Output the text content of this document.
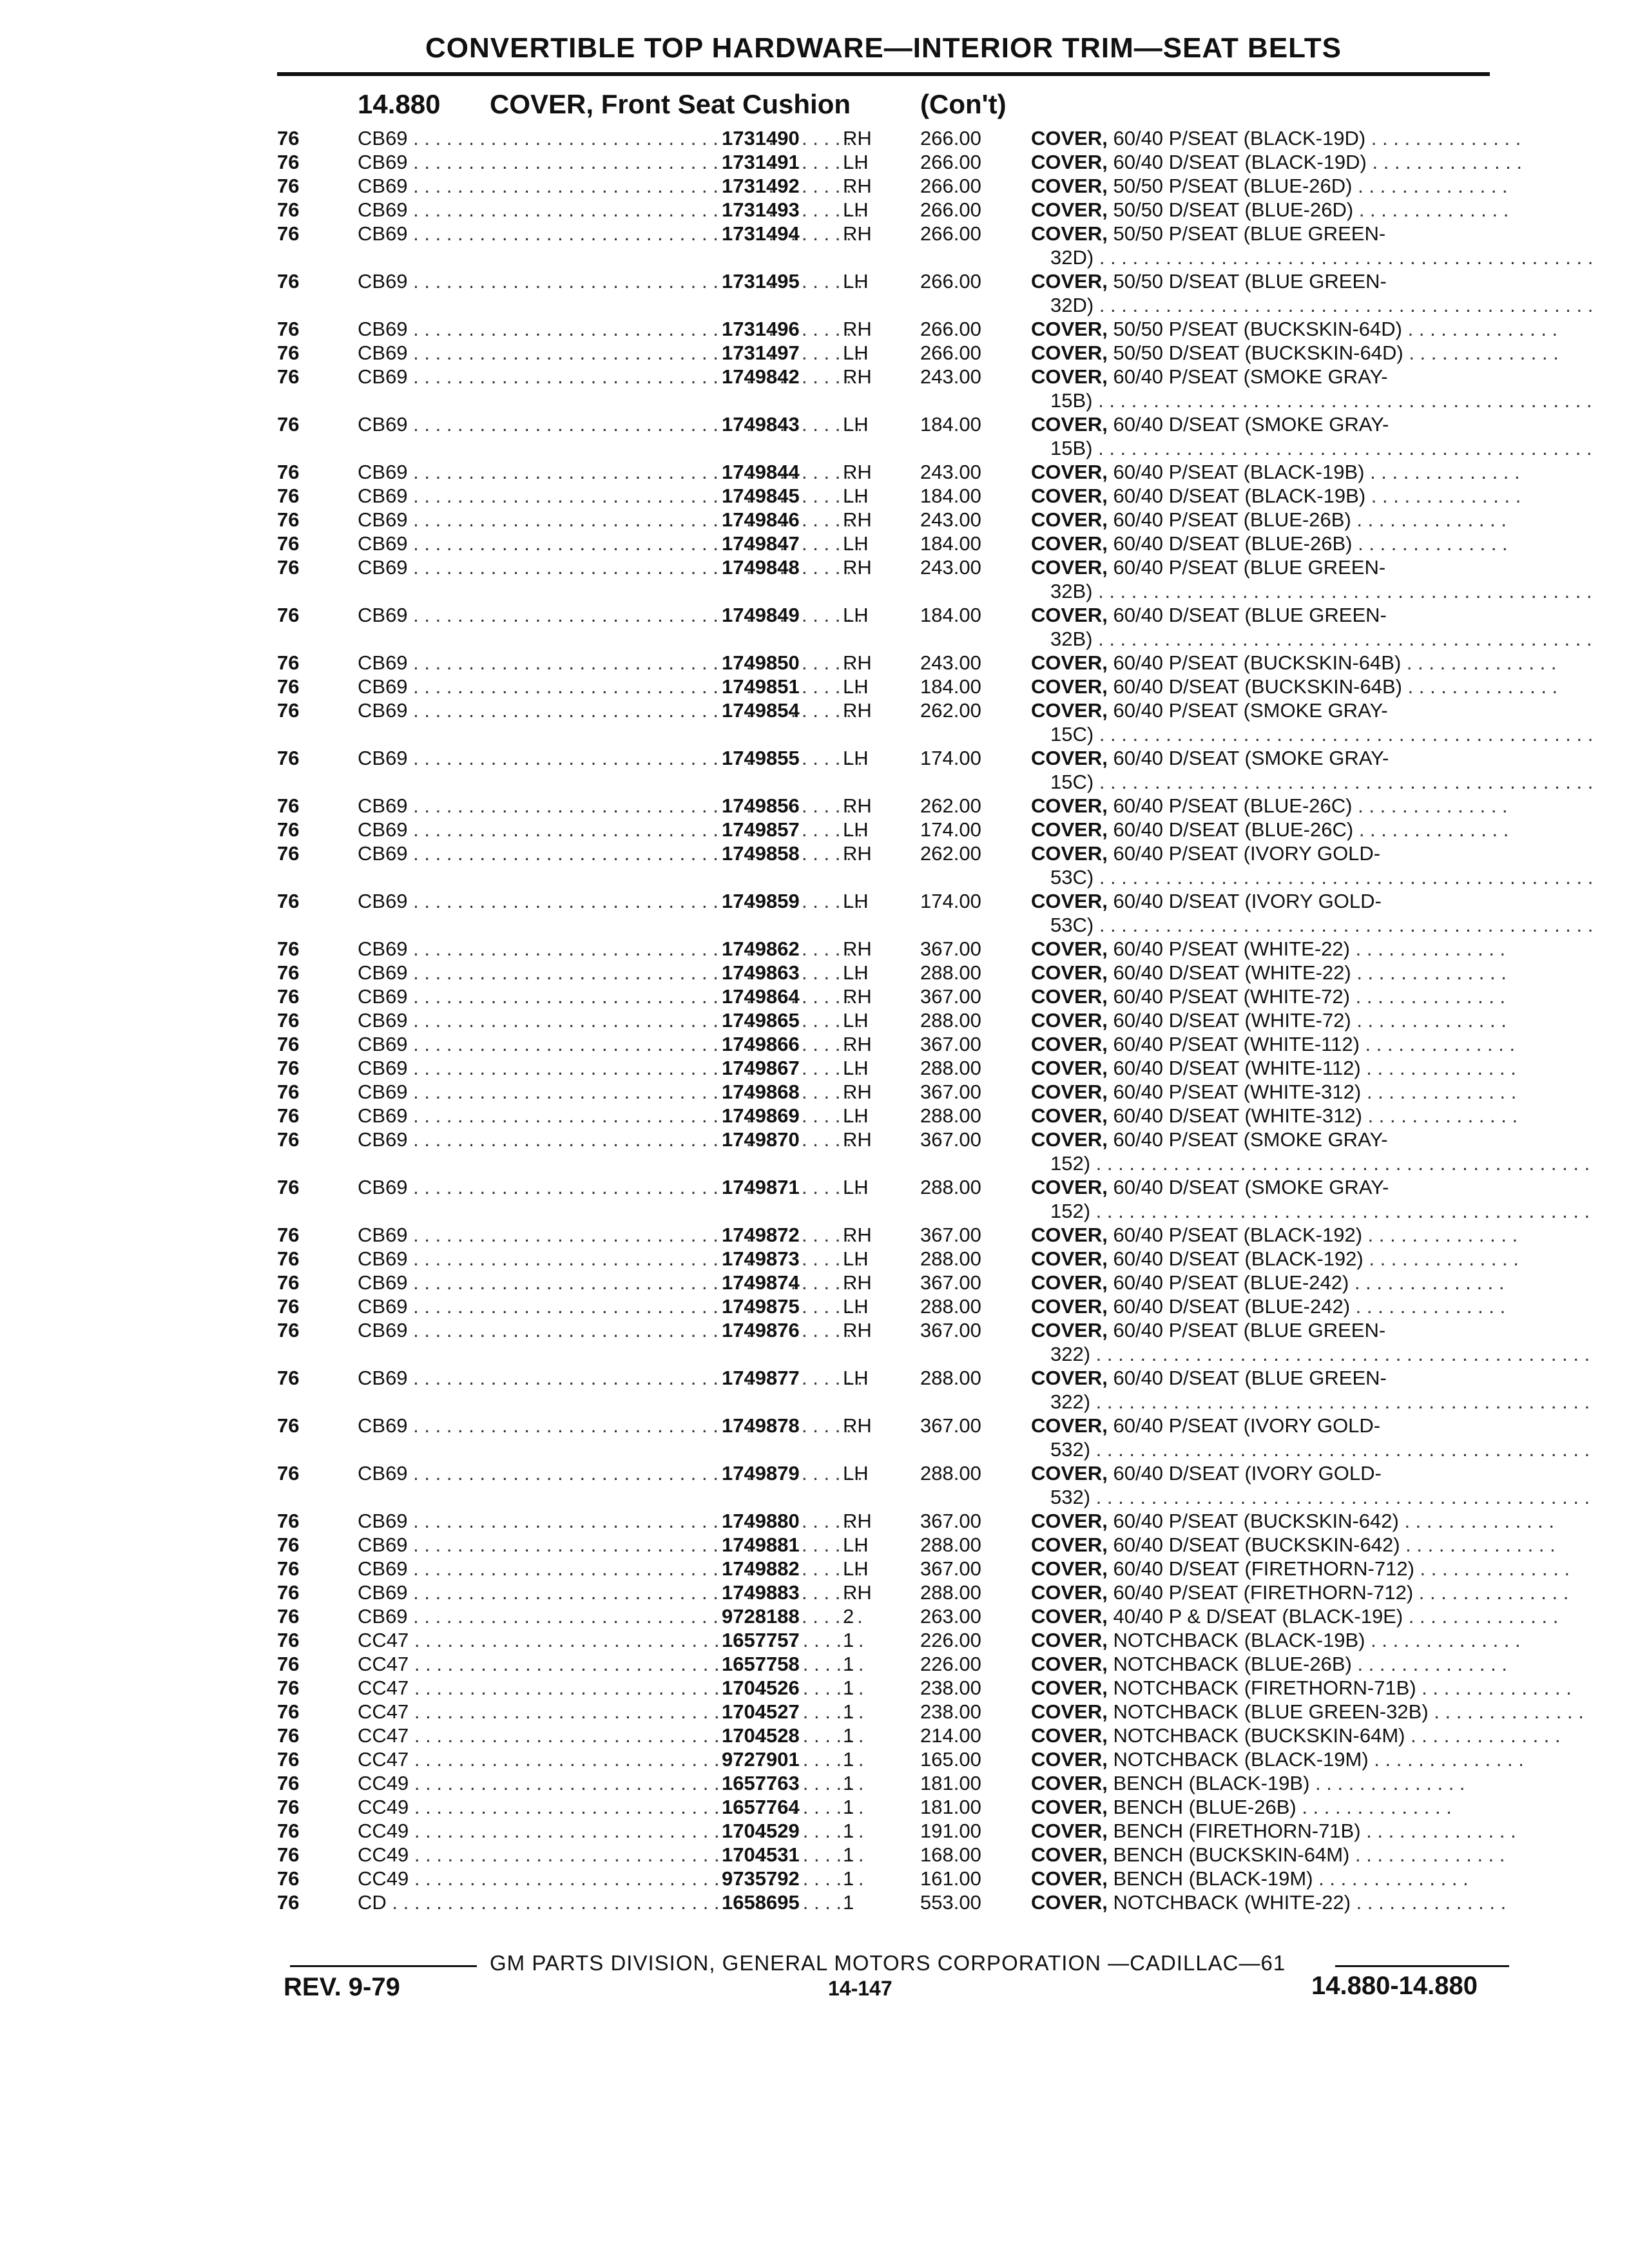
CONVERTIBLE TOP HARDWARE—INTERIOR TRIM—SEAT BELTS
14.880 COVER, Front Seat Cushion	(Con't)
76	CB69 . . .	1731490 RH 266.00 COVER, 60/40 P/SEAT (BLACK-19D) . . . . . . . . . . . . . .
76	CB69 . . .	1731491 LH	266.00 COVER, 60/40 D/SEAT (BLACK-19D) . . . . . . . . . . . . . .
76	CB69 . . .	1731492 RH 266.00 COVER, 50/50 P/SEAT (BLUE-26D) . . . . . . . . . . . . . .
76	CB69 . . .	1731493 LH	266.00 COVER, 50/50 D/SEAT (BLUE-26D) . . . . . . . . . . . . . .
76	CB69 . . .	1731494 RH 266.00 COVER, 50/50 P/SEAT (BLUE GREEN-
32D) . . .
76	CB69 . . .	1731495 LH	266.00 COVER, 50/50 D/SEAT (BLUE GREEN-
32D) . . .
76	CB69 . . .	1731496 RH 266.00 COVER, 50/50 P/SEAT (BUCKSKIN-64D) . . . . . . . . . . . . . .
76	CB69 . . .	1731497 LH	266.00 COVER, 50/50 D/SEAT (BUCKSKIN-64D) . . . . . . . . . . . . . .
76	CB69 . . .	1749842 RH 243.00 COVER, 60/40 P/SEAT (SMOKE GRAY-
15B) . . .
76	CB69 . . .	1749843 LH	184.00 COVER, 60/40 D/SEAT (SMOKE GRAY-
15B) . . .
76	CB69 . . .	1749844 RH 243.00 COVER, 60/40 P/SEAT (BLACK-19B) . . . . . . . . . . . . . .
76	CB69 . . .	1749845 LH	184.00 COVER, 60/40 D/SEAT (BLACK-19B) . . . . . . . . . . . . . .
76	CB69 . . .	1749846 RH 243.00 COVER, 60/40 P/SEAT (BLUE-26B) . . . . . . . . . . . . . .
76	CB69 . . .	1749847 LH	184.00 COVER, 60/40 D/SEAT (BLUE-26B) . . . . . . . . . . . . . .
76	CB69 . . .	1749848 RH 243.00 COVER, 60/40 P/SEAT (BLUE GREEN-
32B) . . .
76	CB69 . . .	1749849 LH	184.00 COVER, 60/40 D/SEAT (BLUE GREEN-
32B) . . .
76	CB69 . . .	1749850 RH 243.00 COVER, 60/40 P/SEAT (BUCKSKIN-64B) . . . . . . . . . . . . . .
76	CB69 . . .	1749851 LH	184.00 COVER, 60/40 D/SEAT (BUCKSKIN-64B) . . . . . . . . . . . . . .
76	CB69 . . .	1749854 RH 262.00 COVER, 60/40 P/SEAT (SMOKE GRAY-
15C) . . .
76	CB69 . . .	1749855 LH	174.00 COVER, 60/40 D/SEAT (SMOKE GRAY-
15C) . . .
76	CB69 . . .	1749856 RH 262.00 COVER, 60/40 P/SEAT (BLUE-26C) . . . . . . . . . . . . . .
76	CB69 . . .	1749857 LH	174.00 COVER, 60/40 D/SEAT (BLUE-26C) . . . . . . . . . . . . . .
76	CB69 . . .	1749858 RH 262.00 COVER, 60/40 P/SEAT (IVORY GOLD-
53C) . . .
76	CB69 . . .	1749859 LH	174.00 COVER, 60/40 D/SEAT (IVORY GOLD-
53C) . . .
76	CB69 . . .	1749862 RH 367.00 COVER, 60/40 P/SEAT (WHITE-22) . . . . . . . . . . . . . .
76	CB69 . . .	1749863 LH	288.00 COVER, 60/40 D/SEAT (WHITE-22) . . . . . . . . . . . . . .
76	CB69 . . .	1749864 RH 367.00 COVER, 60/40 P/SEAT (WHITE-72) . . . . . . . . . . . . . .
76	CB69 . . .	1749865 LH	288.00 COVER, 60/40 D/SEAT (WHITE-72) . . . . . . . . . . . . . .
76	CB69 . . .	1749866 RH 367.00 COVER, 60/40 P/SEAT (WHITE-112) . . . . . . . . . . . . . .
76	CB69 . . .	1749867 LH	288.00 COVER, 60/40 D/SEAT (WHITE-112) . . . . . . . . . . . . . .
76	CB69 . . .	1749868 RH 367.00 COVER, 60/40 P/SEAT (WHITE-312) . . . . . . . . . . . . . .
76	CB69 . . .	1749869 LH	288.00 COVER, 60/40 D/SEAT (WHITE-312) . . . . . . . . . . . . . .
76	CB69 . . .	1749870 RH 367.00 COVER, 60/40 P/SEAT (SMOKE GRAY-
152) . . .
76	CB69 . . .	1749871 LH	288.00 COVER, 60/40 D/SEAT (SMOKE GRAY-
152) . . .
76	CB69 . . .	1749872 RH 367.00 COVER, 60/40 P/SEAT (BLACK-192) . . . . . . . . . . . . . .
76	CB69 . . .	1749873 LH	288.00 COVER, 60/40 D/SEAT (BLACK-192) . . . . . . . . . . . . . .
76	CB69 . . .	1749874 RH 367.00 COVER, 60/40 P/SEAT (BLUE-242) . . . . . . . . . . . . . .
76	CB69 . . .	1749875 LH	288.00 COVER, 60/40 D/SEAT (BLUE-242) . . . . . . . . . . . . . .
76	CB69 . . .	1749876 RH 367.00 COVER, 60/40 P/SEAT (BLUE GREEN-
322) . . .
76	CB69 . . .	1749877 LH	288.00 COVER, 60/40 D/SEAT (BLUE GREEN-
322) . . .
76	CB69 . . .	1749878 RH 367.00 COVER, 60/40 P/SEAT (IVORY GOLD-
532) . . .
76	CB69 . . .	1749879 LH	288.00 COVER, 60/40 D/SEAT (IVORY GOLD-
532) . . .
76	CB69 . . .	1749880 RH 367.00 COVER, 60/40 P/SEAT (BUCKSKIN-642) . . . . . . . . . . . . . .
76	CB69 . . .	1749881 LH	288.00 COVER, 60/40 D/SEAT (BUCKSKIN-642) . . . . . . . . . . . . . .
76	CB69 . . .	1749882 LH	367.00 COVER, 60/40 D/SEAT (FIRETHORN-712) . . . . . . . . . . . . . .
76	CB69 . . .	1749883 RH 288.00 COVER, 60/40 P/SEAT (FIRETHORN-712) . . . . . . . . . . . . . .
76	CB69 . . .	9728188 2	263.00 COVER, 40/40 P & D/SEAT (BLACK-19E) . . . . . . . . . . . . . .
76	CC47 . . .	1657757 1	226.00 COVER, NOTCHBACK (BLACK-19B) . . . . . . . . . . . . . .
76	CC47 . . .	1657758 1	226.00 COVER, NOTCHBACK (BLUE-26B) . . . . . . . . . . . . . .
76	CC47 . . .	1704526 1	238.00 COVER, NOTCHBACK (FIRETHORN-71B) . . . . . . . . . . . . . .
76	CC47 . . .	1704527 1	238.00 COVER, NOTCHBACK (BLUE GREEN-32B) . . . . . . . . . . . . . .
76	CC47 . . .	1704528 1	214.00 COVER, NOTCHBACK (BUCKSKIN-64M) . . . . . . . . . . . . . .
76	CC47 . . .	9727901 1	165.00 COVER, NOTCHBACK (BLACK-19M) . . . . . . . . . . . . . .
76	CC49 . . .	1657763 1	181.00 COVER, BENCH (BLACK-19B) . . . . . . . . . . . . . .
76	CC49 . . .	1657764 1	181.00 COVER, BENCH (BLUE-26B) . . . . . . . . . . . . . .
76	CC49 . . .	1704529 1	191.00 COVER, BENCH (FIRETHORN-71B) . . . . . . . . . . . . . .
76	CC49 . . .	1704531 1	168.00 COVER, BENCH (BUCKSKIN-64M) . . . . . . . . . . . . . .
76	CC49 . . .	9735792 1	161.00 COVER, BENCH (BLACK-19M) . . . . . . . . . . . . . .
76	CD . . .	1658695 1	553.00 COVER, NOTCHBACK (WHITE-22) . . . . . . . . . . . . . .
GM PARTS DIVISION, GENERAL MOTORS CORPORATION —CADILLAC—61
REV. 9-79	14-147	14.880-14.880
